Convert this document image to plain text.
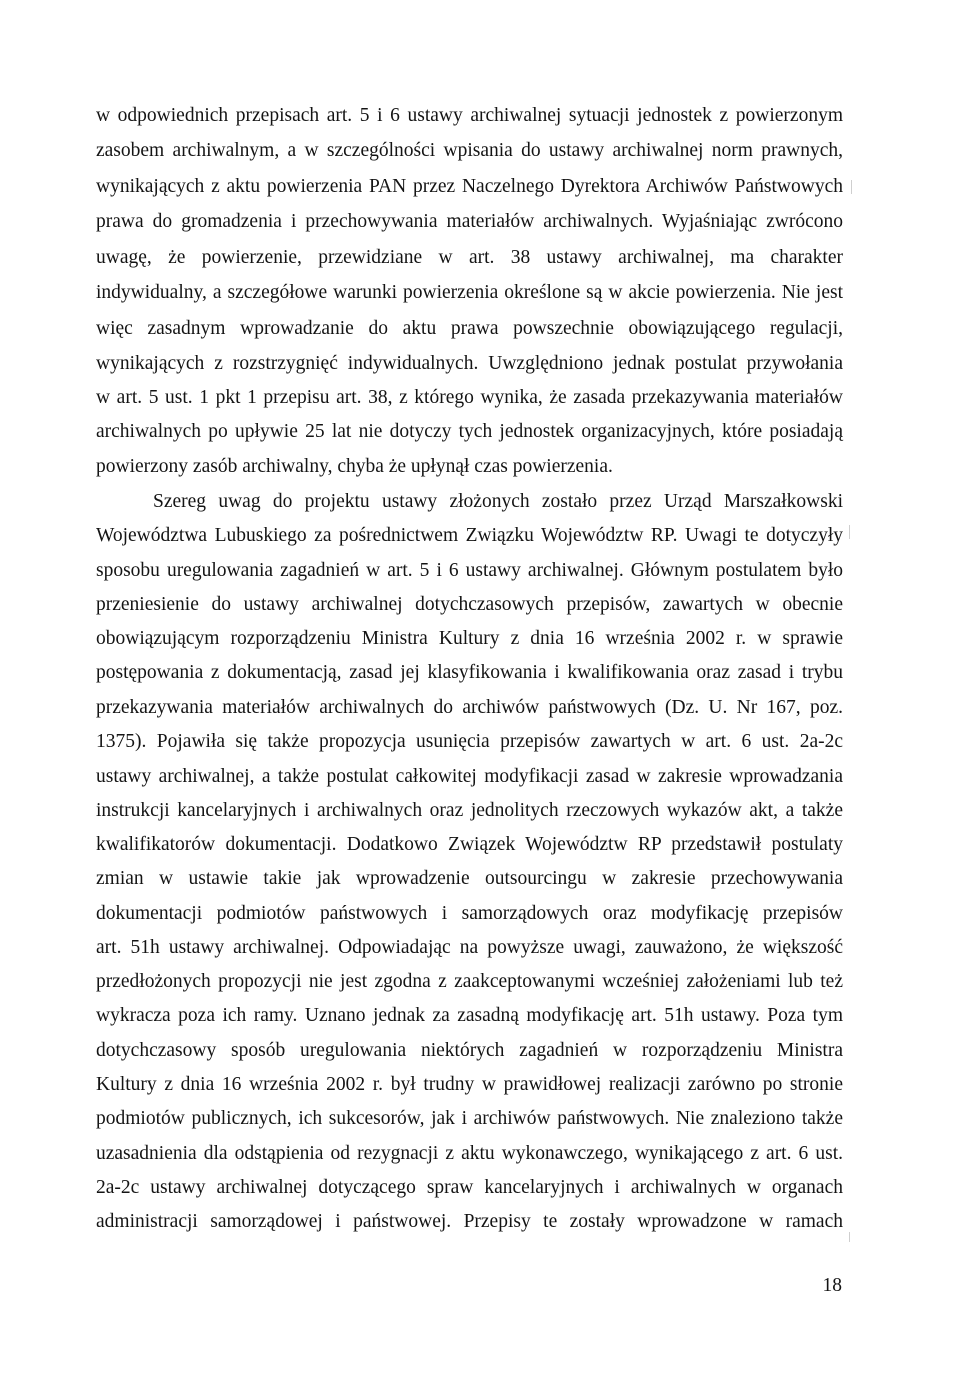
w odpowiednich przepisach art. 5 i 6 ustawy archiwalnej sytuacji jednostek z powierzonym
zasobem archiwalnym, a w szczególności wpisania do ustawy archiwalnej norm prawnych,
wynikających z aktu powierzenia PAN przez Naczelnego Dyrektora Archiwów Państwowych
prawa do gromadzenia i przechowywania materiałów archiwalnych. Wyjaśniając zwrócono
uwagę, że powierzenie, przewidziane w art. 38 ustawy archiwalnej, ma charakter
indywidualny, a szczegółowe warunki powierzenia określone są w akcie powierzenia. Nie jest
więc zasadnym wprowadzanie do aktu prawa powszechnie obowiązującego regulacji,
wynikających z rozstrzygnięć indywidualnych. Uwzględniono jednak postulat przywołania
w art. 5 ust. 1 pkt 1 przepisu art. 38, z którego wynika, że zasada przekazywania materiałów
archiwalnych po upływie 25 lat nie dotyczy tych jednostek organizacyjnych, które posiadają
powierzony zasób archiwalny, chyba że upłynął czas powierzenia.
Szereg uwag do projektu ustawy złożonych zostało przez Urząd Marszałkowski
Województwa Lubuskiego za pośrednictwem Związku Województw RP. Uwagi te dotyczyły
sposobu uregulowania zagadnień w art. 5 i 6 ustawy archiwalnej. Głównym postulatem było
przeniesienie do ustawy archiwalnej dotychczasowych przepisów, zawartych w obecnie
obowiązującym rozporządzeniu Ministra Kultury z dnia 16 września 2002 r. w sprawie
postępowania z dokumentacją, zasad jej klasyfikowania i kwalifikowania oraz zasad i trybu
przekazywania materiałów archiwalnych do archiwów państwowych (Dz. U. Nr 167, poz.
1375). Pojawiła się także propozycja usunięcia przepisów zawartych w art. 6 ust. 2a-2c
ustawy archiwalnej, a także postulat całkowitej modyfikacji zasad w zakresie wprowadzania
instrukcji kancelaryjnych i archiwalnych oraz jednolitych rzeczowych wykazów akt, a także
kwalifikatorów dokumentacji. Dodatkowo Związek Województw RP przedstawił postulaty
zmian w ustawie takie jak wprowadzenie outsourcingu w zakresie przechowywania
dokumentacji podmiotów państwowych i samorządowych oraz modyfikację przepisów
art. 51h ustawy archiwalnej. Odpowiadając na powyższe uwagi, zauważono, że większość
przedłożonych propozycji nie jest zgodna z zaakceptowanymi wcześniej założeniami lub też
wykracza poza ich ramy. Uznano jednak za zasadną modyfikację art. 51h ustawy. Poza tym
dotychczasowy sposób uregulowania niektórych zagadnień w rozporządzeniu Ministra
Kultury z dnia 16 września 2002 r. był trudny w prawidłowej realizacji zarówno po stronie
podmiotów publicznych, ich sukcesorów, jak i archiwów państwowych. Nie znaleziono także
uzasadnienia dla odstąpienia od rezygnacji z aktu wykonawczego, wynikającego z art. 6 ust.
2a-2c ustawy archiwalnej dotyczącego spraw kancelaryjnych i archiwalnych w organach
administracji samorządowej i państwowej. Przepisy te zostały wprowadzone w ramach
18
